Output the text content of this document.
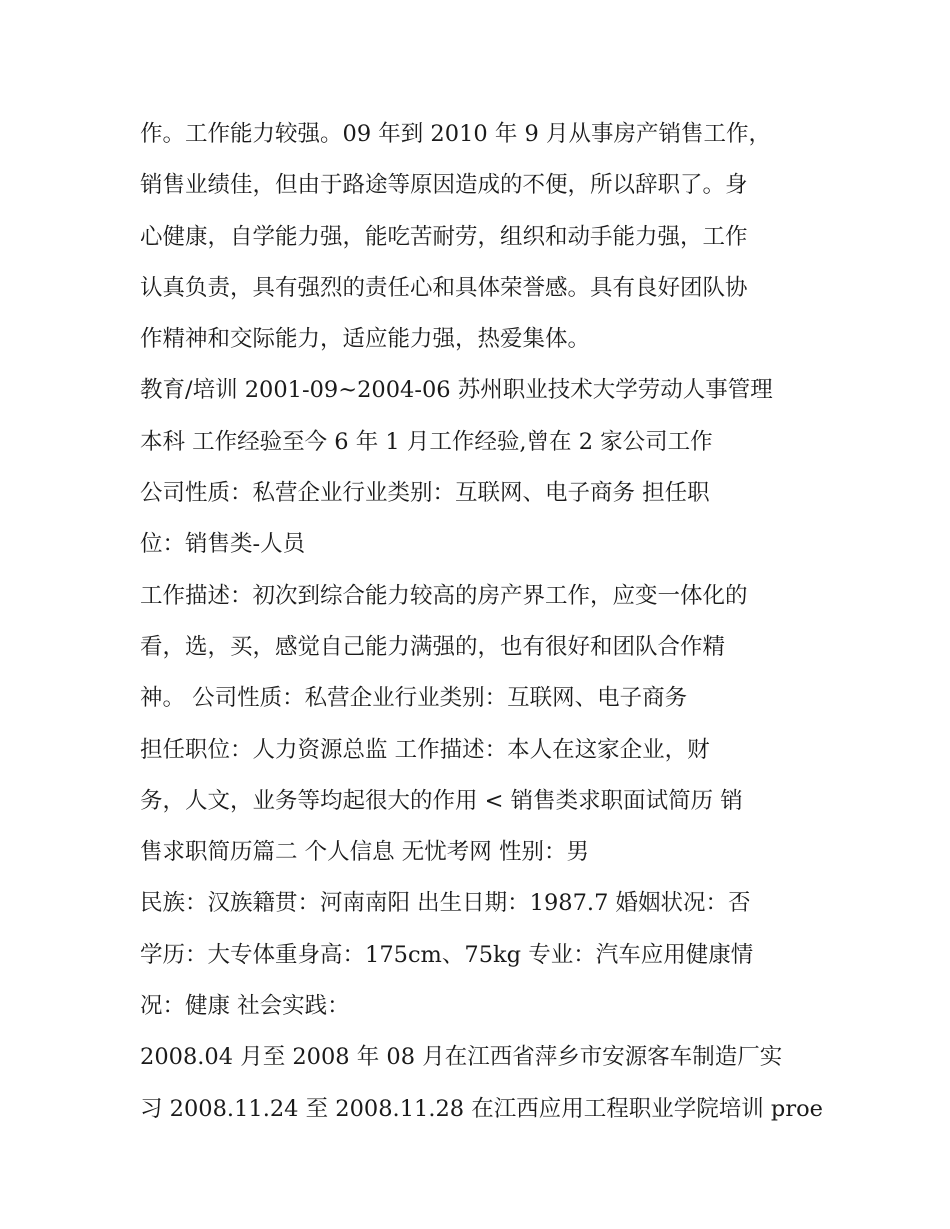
作。工作能力较强。09 年到 2010 年 9 月从事房产销售工作，
销售业绩佳，但由于路途等原因造成的不便，所以辞职了。身
心健康，自学能力强，能吃苦耐劳，组织和动手能力强，工作
认真负责，具有强烈的责任心和具体荣誉感。具有良好团队协
作精神和交际能力，适应能力强，热爱集体。
教育/培训 2001-09~2004-06 苏州职业技术大学劳动人事管理
本科 工作经验至今 6 年 1 月工作经验,曾在 2 家公司工作
公司性质：私营企业行业类别：互联网、电子商务 担任职
位：销售类-人员
工作描述：初次到综合能力较高的房产界工作，应变一体化的
看，选，买，感觉自己能力满强的，也有很好和团队合作精
神。 公司性质：私营企业行业类别：互联网、电子商务
担任职位：人力资源总监 工作描述：本人在这家企业，财
务，人文，业务等均起很大的作用 < 销售类求职面试简历 销
售求职简历篇二 个人信息 无忧考网 性别：男
民族：汉族籍贯：河南南阳 出生日期：1987.7 婚姻状况：否
学历：大专体重身高：175cm、75kg 专业：汽车应用健康情
况：健康 社会实践：
2008.04 月至 2008 年 08 月在江西省萍乡市安源客车制造厂实
习 2008.11.24 至 2008.11.28 在江西应用工程职业学院培训 proe
